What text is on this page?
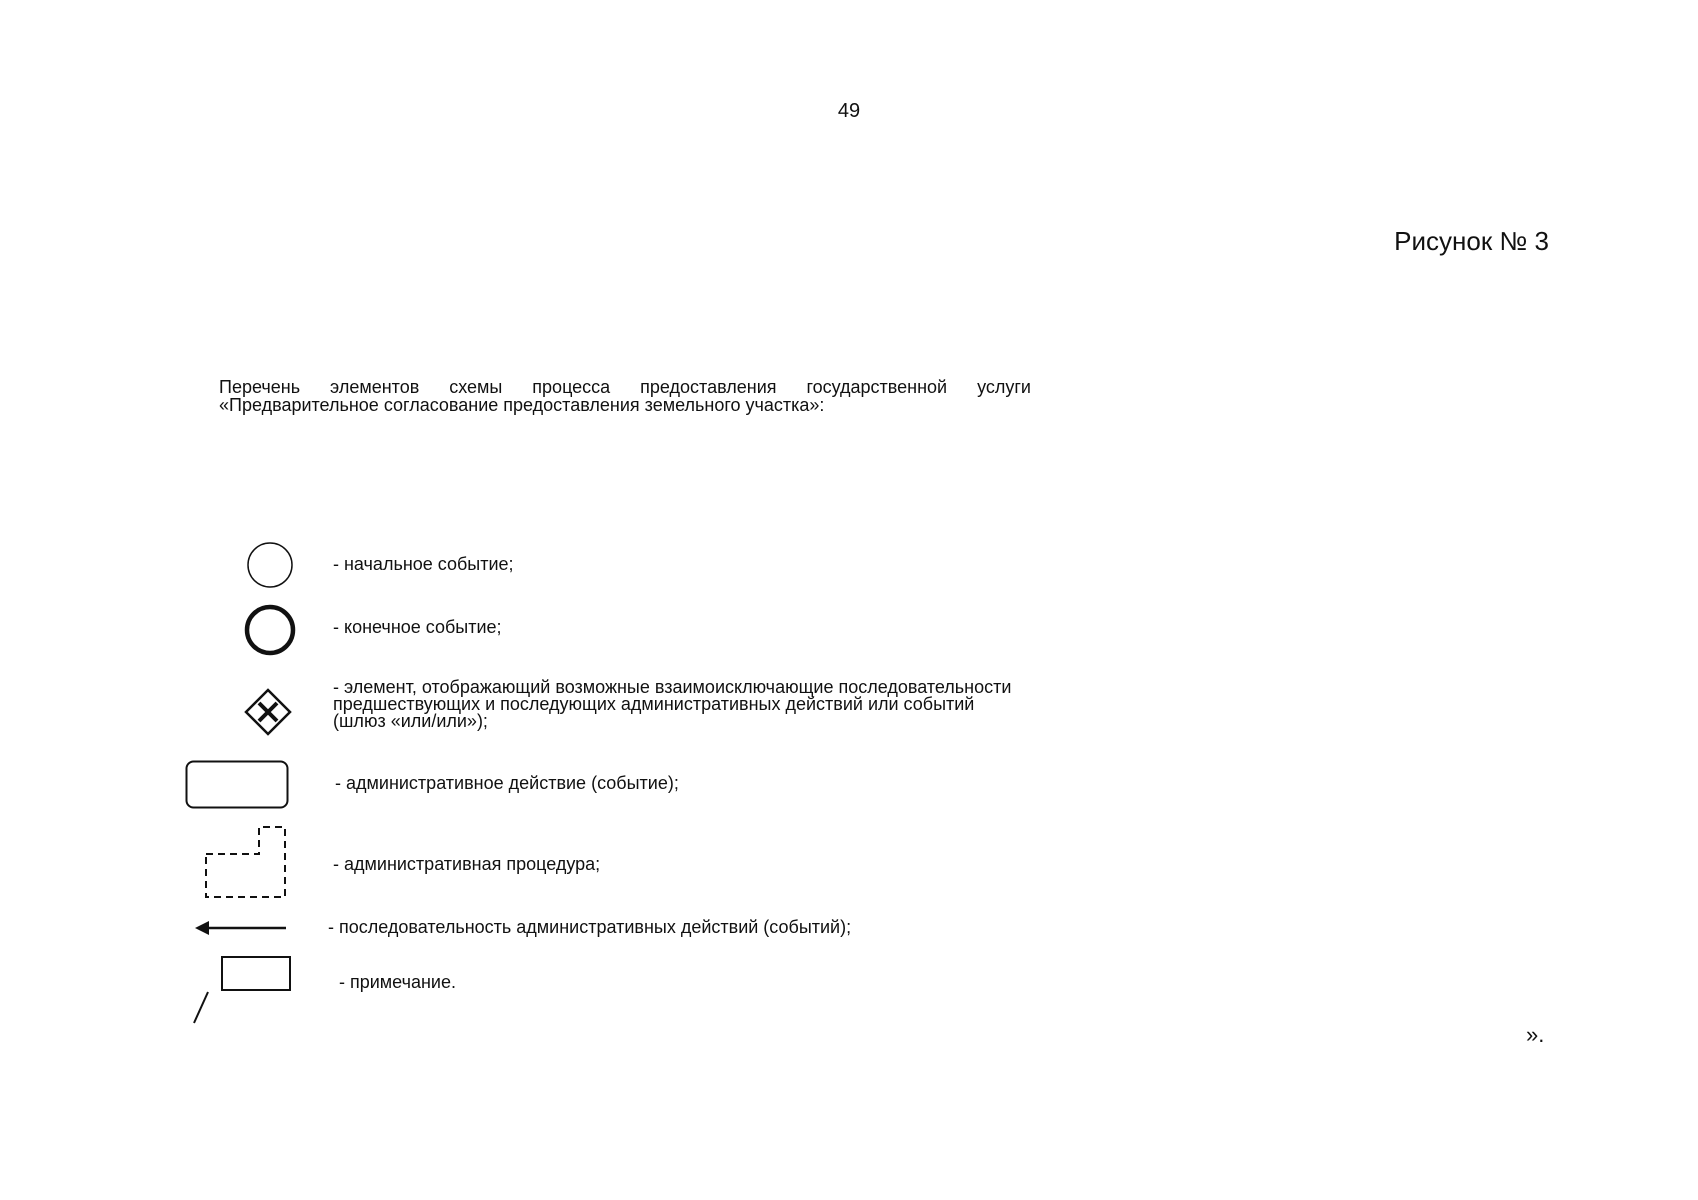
49
Рисунок № 3
Перечень элементов схемы процесса предоставления государственной услуги
«Предварительное согласование предоставления земельного участка»:
- начальное событие;
- конечное событие;
- элемент, отображающий возможные взаимоисключающие последовательности
предшествующих и последующих административных действий или событий
(шлюз «или/или»);
- административное действие (событие);
- административная процедура;
- последовательность административных действий (событий);
- примечание.
».
